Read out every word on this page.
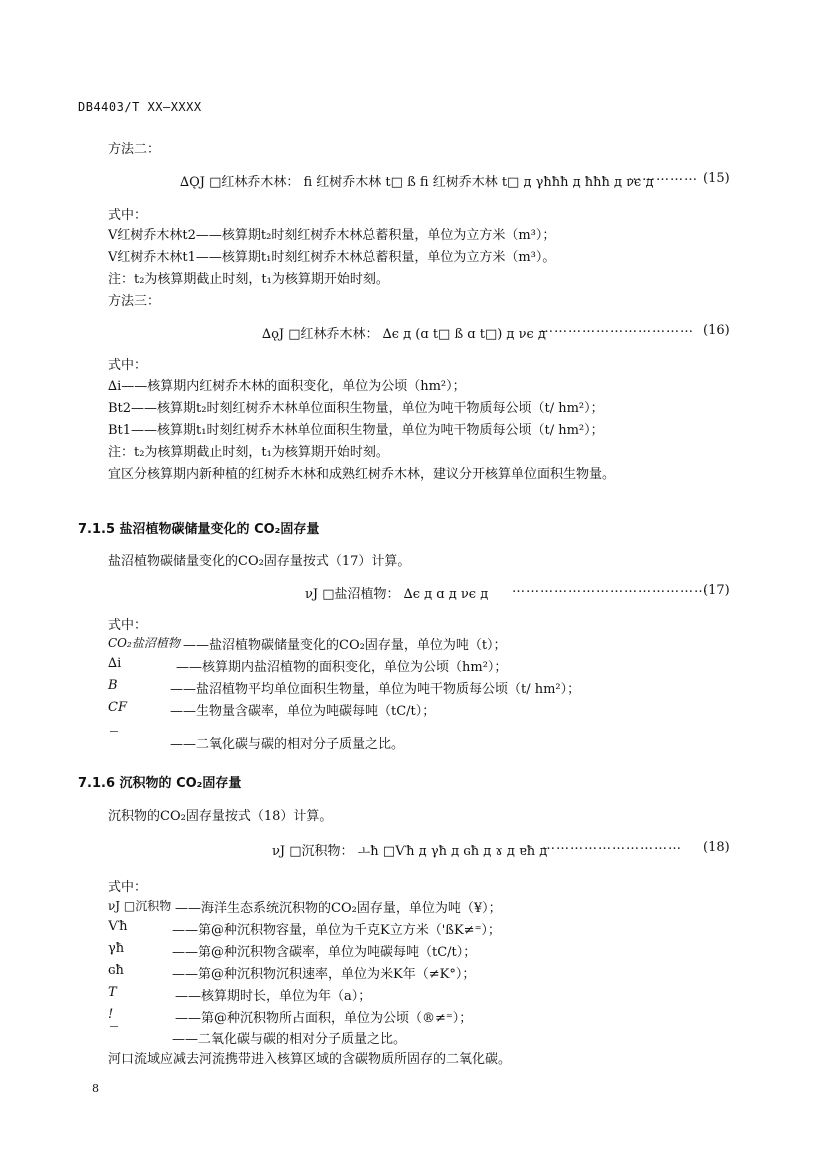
DB4403/T XX—XXXX
方法二：
∆ǪJ □红林乔木林： fi 红树乔木林 t□ ß fi 红树乔木林 t□ д γħħħ д ħħħ д νє д
…………… (15)
式中：
V红树乔木林t2——核算期t₂时刻红树乔木林总蓄积量，单位为立方米（m³）；
V红树乔木林t1——核算期t₁时刻红树乔木林总蓄积量，单位为立方米（m³）。
注：t₂为核算期截止时刻，t₁为核算期开始时刻。
方法三：
∆ǫJ □红林乔木林： ∆є д (ɑ t□ ß ɑ t□) д νє д
…………………………… (16)
式中：
∆і——核算期内红树乔木林的面积变化，单位为公顷（hm²）；
Bt2——核算期t₂时刻红树乔木林单位面积生物量，单位为吨干物质每公顷（t/ hm²）；
Bt1——核算期t₁时刻红树乔木林单位面积生物量，单位为吨干物质每公顷（t/ hm²）；
注：t₂为核算期截止时刻，t₁为核算期开始时刻。
宜区分核算期内新种植的红树乔木林和成熟红树乔木林，建议分开核算单位面积生物量。
7.1.5 盐沼植物碳储量变化的 CO₂固存量
盐沼植物碳储量变化的CO₂固存量按式（17）计算。
νJ □盐沼植物： ∆є д ɑ д νє д ……………………………………
(17)
式中：
CO₂盐沼植物 ——盐沼植物碳储量变化的CO₂固存量，单位为吨（t）；
∆і	——核算期内盐沼植物的面积变化，单位为公顷（hm²）；
B	——盐沼植物平均单位面积生物量，单位为吨干物质每公顷（t/ hm²）；
CF	——生物量含碳率，单位为吨碳每吨（tC/t）；
——二氧化碳与碳的相对分子质量之比。
7.1.6 沉积物的 CO₂固存量
沉积物的CO₂固存量按式（18）计算。
νJ □沉积物： ㅗħ □Ѵħ д γħ д ɢħ д ɤ д ɐħ д
………………………… (18)
式中：
νJ □沉积物 ——海洋生态系统沉积物的CO₂固存量，单位为吨（¥）；
Ѵħ	——第@种沉积物容量，单位为千克K立方米（'ßK≠⁼）；
γħ	——第@种沉积物含碳率，单位为吨碳每吨（tC/t）；
ɢħ	——第@种沉积物沉积速率，单位为米K年（≠K°）；
T	——核算期时长，单位为年（a）；
!	——第@种沉积物所占面积，单位为公顷（®≠⁼）；
——二氧化碳与碳的相对分子质量之比。
河口流域应减去河流携带进入核算区域的含碳物质所固存的二氧化碳。
8
